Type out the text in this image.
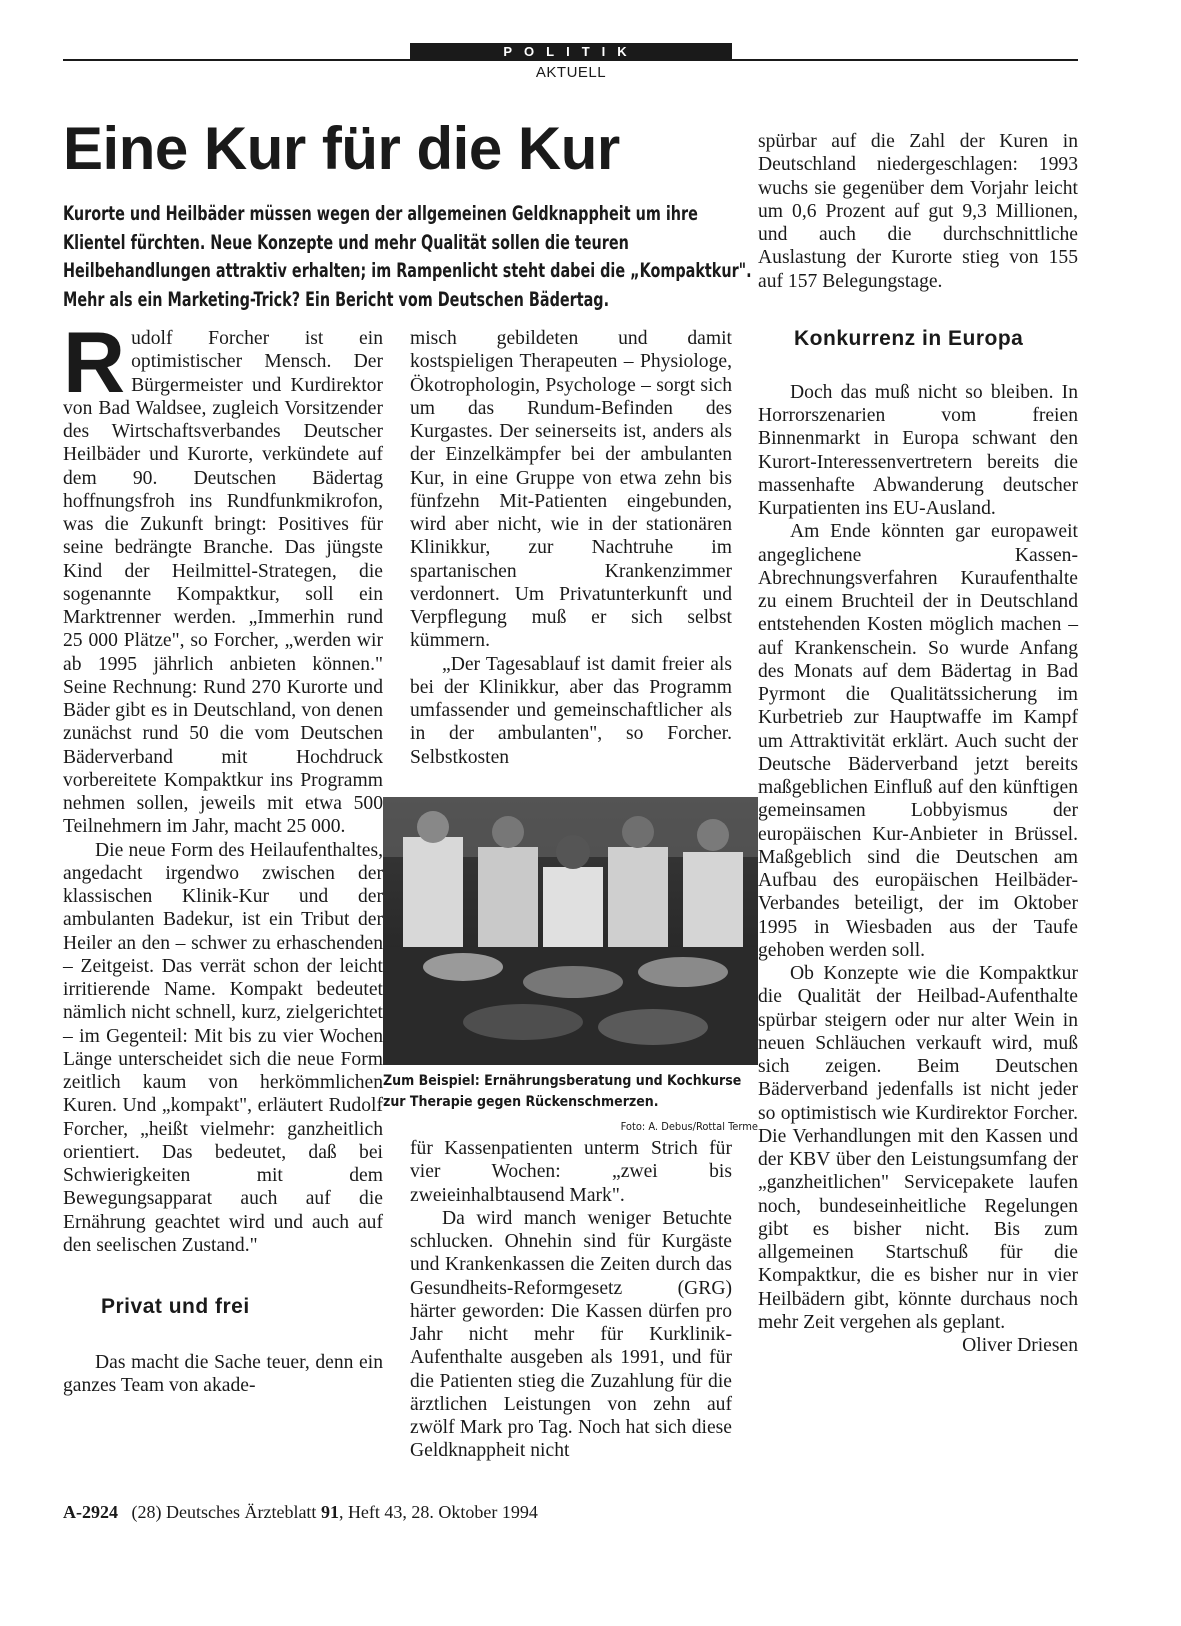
POLITIK
AKTUELL
Eine Kur für die Kur
Kurorte und Heilbäder müssen wegen der allgemeinen Geldknappheit um ihre Klientel fürchten. Neue Konzepte und mehr Qualität sollen die teuren Heilbehandlungen attraktiv erhalten; im Rampenlicht steht dabei die „Kompaktkur". Mehr als ein Marketing-Trick? Ein Bericht vom Deutschen Bädertag.

Rudolf Forcher ist ein optimistischer Mensch. Der Bürgermeister und Kurdirektor von Bad Waldsee, zugleich Vorsitzender des Wirtschaftsverbandes Deutscher Heilbäder und Kurorte, verkündete auf dem 90. Deutschen Bädertag hoffnungsfroh ins Rundfunkmikrofon, was die Zukunft bringt: Positives für seine bedrängte Branche. Das jüngste Kind der Heilmittel-Strategen, die sogenannte Kompaktkur, soll ein Marktrenner werden. „Immerhin rund 25 000 Plätze", so Forcher, „werden wir ab 1995 jährlich anbieten können." Seine Rechnung: Rund 270 Kurorte und Bäder gibt es in Deutschland, von denen zunächst rund 50 die vom Deutschen Bäderverband mit Hochdruck vorbereitete Kompaktkur ins Programm nehmen sollen, jeweils mit etwa 500 Teilnehmern im Jahr, macht 25 000.

Die neue Form des Heilaufenthaltes, angedacht irgendwo zwischen der klassischen Klinik-Kur und der ambulanten Badekur, ist ein Tribut der Heiler an den – schwer zu erhaschenden – Zeitgeist. Das verrät schon der leicht irritierende Name. Kompakt bedeutet nämlich nicht schnell, kurz, zielgerichtet – im Gegenteil: Mit bis zu vier Wochen Länge unterscheidet sich die neue Form zeitlich kaum von herkömmlichen Kuren. Und „kompakt", erläutert Rudolf Forcher, „heißt vielmehr: ganzheitlich orientiert. Das bedeutet, daß bei Schwierigkeiten mit dem Bewegungsapparat auch auf die Ernährung geachtet wird und auch auf den seelischen Zustand."

Privat und frei

Das macht die Sache teuer, denn ein ganzes Team von akade-

misch gebildeten und damit kostspieligen Therapeuten – Physiologe, Ökotrophologin, Psychologe – sorgt sich um das Rundum-Befinden des Kurgastes. Der seinerseits ist, anders als der Einzelkämpfer bei der ambulanten Kur, in eine Gruppe von etwa zehn bis fünfzehn Mit-Patienten eingebunden, wird aber nicht, wie in der stationären Klinikkur, zur Nachtruhe im spartanischen Krankenzimmer verdonnert. Um Privatunterkunft und Verpflegung muß er sich selbst kümmern.

„Der Tagesablauf ist damit freier als bei der Klinikkur, aber das Programm umfassender und gemeinschaftlicher als in der ambulanten", so Forcher. Selbstkosten

Zum Beispiel: Ernährungsberatung und Kochkurse zur Therapie gegen Rückenschmerzen.
Foto: A. Debus/Rottal Terme

für Kassenpatienten unterm Strich für vier Wochen: „zwei bis zweieinhalbtausend Mark".

Da wird manch weniger Betuchte schlucken. Ohnehin sind für Kurgäste und Krankenkassen die Zeiten durch das Gesundheits-Reformgesetz (GRG) härter geworden: Die Kassen dürfen pro Jahr nicht mehr für Kurklinik-Aufenthalte ausgeben als 1991, und für die Patienten stieg die Zuzahlung für die ärztlichen Leistungen von zehn auf zwölf Mark pro Tag. Noch hat sich diese Geldknappheit nicht

spürbar auf die Zahl der Kuren in Deutschland niedergeschlagen: 1993 wuchs sie gegenüber dem Vorjahr leicht um 0,6 Prozent auf gut 9,3 Millionen, und auch die durchschnittliche Auslastung der Kurorte stieg von 155 auf 157 Belegungstage.

Konkurrenz in Europa

Doch das muß nicht so bleiben. In Horrorszenarien vom freien Binnenmarkt in Europa schwant den Kurort-Interessenvertretern bereits die massenhafte Abwanderung deutscher Kurpatienten ins EU-Ausland.

Am Ende könnten gar europaweit angeglichene Kassen-Abrechnungsverfahren Kuraufenthalte zu einem Bruchteil der in Deutschland entstehenden Kosten möglich machen – auf Krankenschein. So wurde Anfang des Monats auf dem Bädertag in Bad Pyrmont die Qualitätssicherung im Kurbetrieb zur Hauptwaffe im Kampf um Attraktivität erklärt. Auch sucht der Deutsche Bäderverband jetzt bereits maßgeblichen Einfluß auf den künftigen gemeinsamen Lobbyismus der europäischen Kur-Anbieter in Brüssel. Maßgeblich sind die Deutschen am Aufbau des europäischen Heilbäder-Verbandes beteiligt, der im Oktober 1995 in Wiesbaden aus der Taufe gehoben werden soll.

Ob Konzepte wie die Kompaktkur die Qualität der Heilbad-Aufenthalte spürbar steigern oder nur alter Wein in neuen Schläuchen verkauft wird, muß sich zeigen. Beim Deutschen Bäderverband jedenfalls ist nicht jeder so optimistisch wie Kurdirektor Forcher. Die Verhandlungen mit den Kassen und der KBV über den Leistungsumfang der „ganzheitlichen" Servicepakete laufen noch, bundeseinheitliche Regelungen gibt es bisher nicht. Bis zum allgemeinen Startschuß für die Kompaktkur, die es bisher nur in vier Heilbädern gibt, könnte durchaus noch mehr Zeit vergehen als geplant.

Oliver Driesen

A-2924 (28) Deutsches Ärzteblatt 91, Heft 43, 28. Oktober 1994
